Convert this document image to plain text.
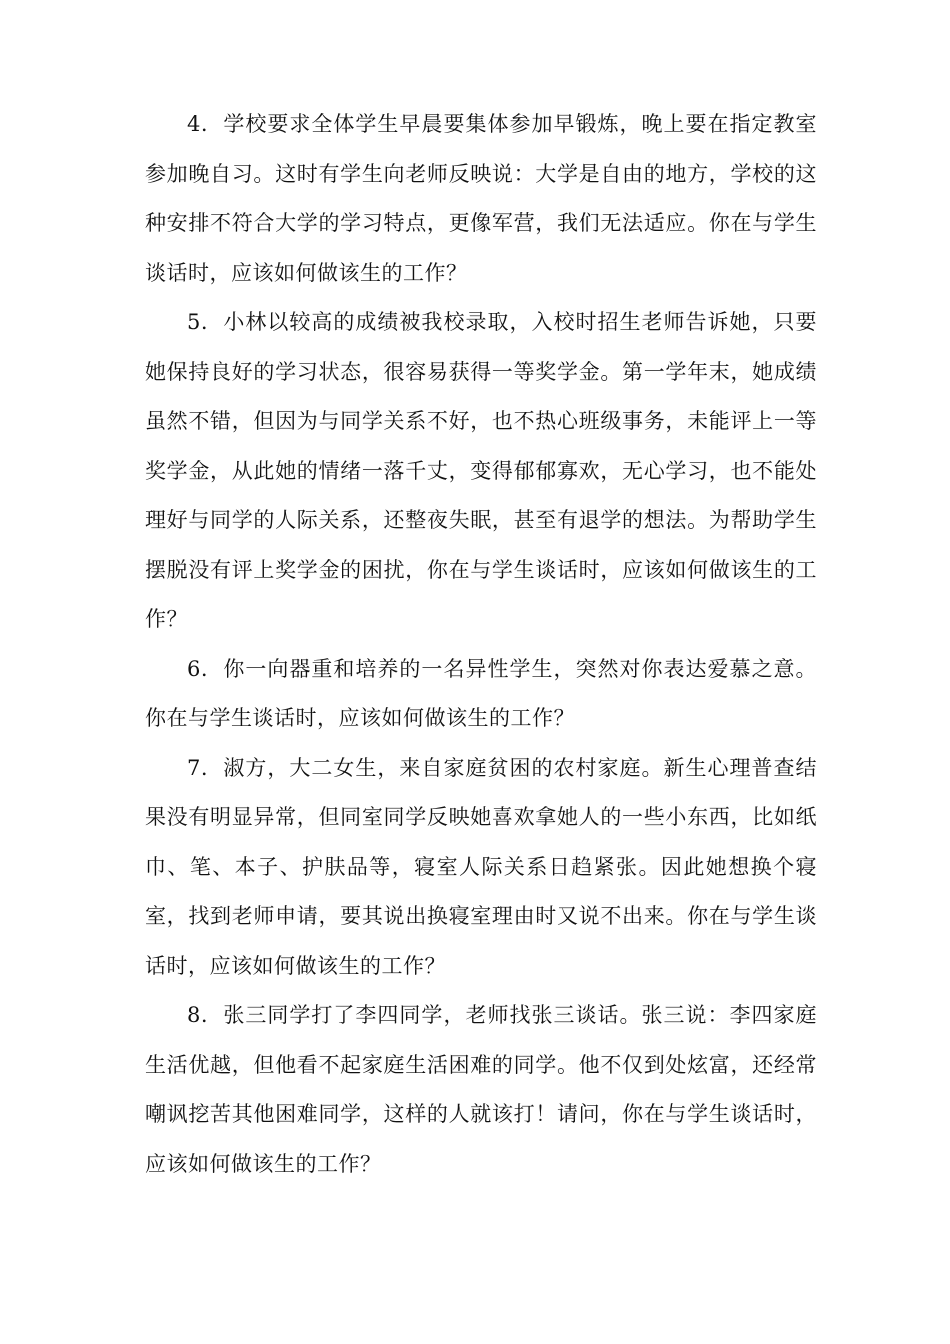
4. 学校要求全体学生早晨要集体参加早锻炼，晚上要在指定教室参加晚自习。这时有学生向老师反映说：大学是自由的地方，学校的这种安排不符合大学的学习特点，更像军营，我们无法适应。你在与学生谈话时，应该如何做该生的工作？

5. 小林以较高的成绩被我校录取，入校时招生老师告诉她，只要她保持良好的学习状态，很容易获得一等奖学金。第一学年末，她成绩虽然不错，但因为与同学关系不好，也不热心班级事务，未能评上一等奖学金，从此她的情绪一落千丈，变得郁郁寡欢，无心学习，也不能处理好与同学的人际关系，还整夜失眠，甚至有退学的想法。为帮助学生摆脱没有评上奖学金的困扰，你在与学生谈话时，应该如何做该生的工作？

6. 你一向器重和培养的一名异性学生，突然对你表达爱慕之意。你在与学生谈话时，应该如何做该生的工作？

7. 淑方，大二女生，来自家庭贫困的农村家庭。新生心理普查结果没有明显异常，但同室同学反映她喜欢拿她人的一些小东西，比如纸巾、笔、本子、护肤品等，寝室人际关系日趋紧张。因此她想换个寝室，找到老师申请，要其说出换寝室理由时又说不出来。你在与学生谈话时，应该如何做该生的工作？

8. 张三同学打了李四同学，老师找张三谈话。张三说：李四家庭生活优越，但他看不起家庭生活困难的同学。他不仅到处炫富，还经常嘲讽挖苦其他困难同学，这样的人就该打！请问，你在与学生谈话时，应该如何做该生的工作？
